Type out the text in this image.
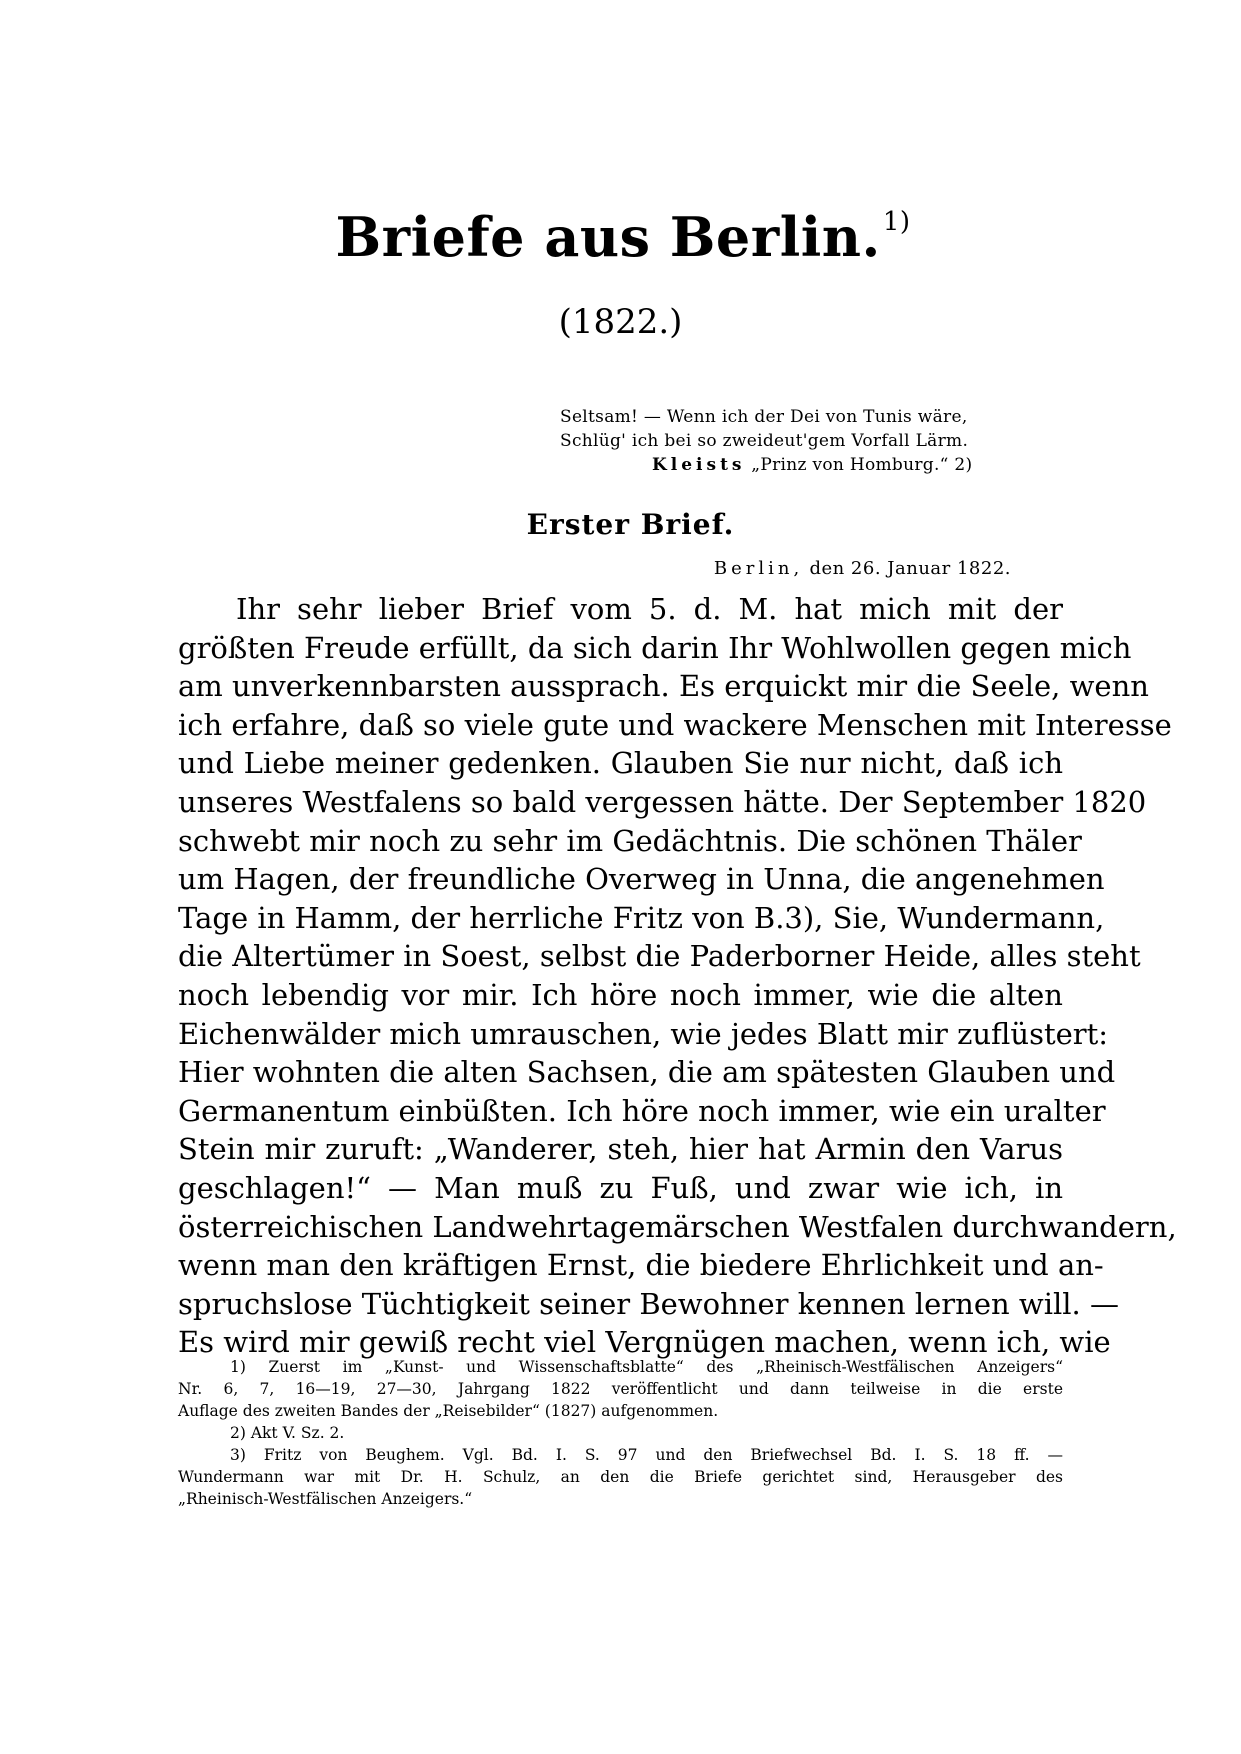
Briefe aus Berlin.$^{1)}$
(1822.)
Seltsam! — Wenn ich der Dei von Tunis wäre,
Schlüg' ich bei so zweideut'gem Vorfall Lärm.
Kleists „Prinz von Homburg.“ 2)
Erster Brief.
Berlin, den 26. Januar 1822.
Ihr sehr lieber Brief vom 5. d. M. hat mich mit der
größten Freude erfüllt, da sich darin Ihr Wohlwollen gegen mich
am unverkennbarsten aussprach. Es erquickt mir die Seele, wenn
ich erfahre, daß so viele gute und wackere Menschen mit Interesse
und Liebe meiner gedenken. Glauben Sie nur nicht, daß ich
unseres Westfalens so bald vergessen hätte. Der September 1820
schwebt mir noch zu sehr im Gedächtnis. Die schönen Thäler
um Hagen, der freundliche Overweg in Unna, die angenehmen
Tage in Hamm, der herrliche Fritz von B.3), Sie, Wundermann,
die Altertümer in Soest, selbst die Paderborner Heide, alles steht
noch lebendig vor mir. Ich höre noch immer, wie die alten
Eichenwälder mich umrauschen, wie jedes Blatt mir zuflüstert:
Hier wohnten die alten Sachsen, die am spätesten Glauben und
Germanentum einbüßten. Ich höre noch immer, wie ein uralter
Stein mir zuruft: „Wanderer, steh, hier hat Armin den Varus
geschlagen!“ — Man muß zu Fuß, und zwar wie ich, in
österreichischen Landwehrtagemärschen Westfalen durchwandern,
wenn man den kräftigen Ernst, die biedere Ehrlichkeit und an-
spruchslose Tüchtigkeit seiner Bewohner kennen lernen will. —
Es wird mir gewiß recht viel Vergnügen machen, wenn ich, wie
1) Zuerst im „Kunst- und Wissenschaftsblatte“ des „Rheinisch-Westfälischen Anzeigers“
Nr. 6, 7, 16—19, 27—30, Jahrgang 1822 veröffentlicht und dann teilweise in die erste
Auflage des zweiten Bandes der „Reisebilder“ (1827) aufgenommen.
2) Akt V. Sz. 2.
3) Fritz von Beughem. Vgl. Bd. I. S. 97 und den Briefwechsel Bd. I. S. 18 ff. —
Wundermann war mit Dr. H. Schulz, an den die Briefe gerichtet sind, Herausgeber des
„Rheinisch-Westfälischen Anzeigers.“
